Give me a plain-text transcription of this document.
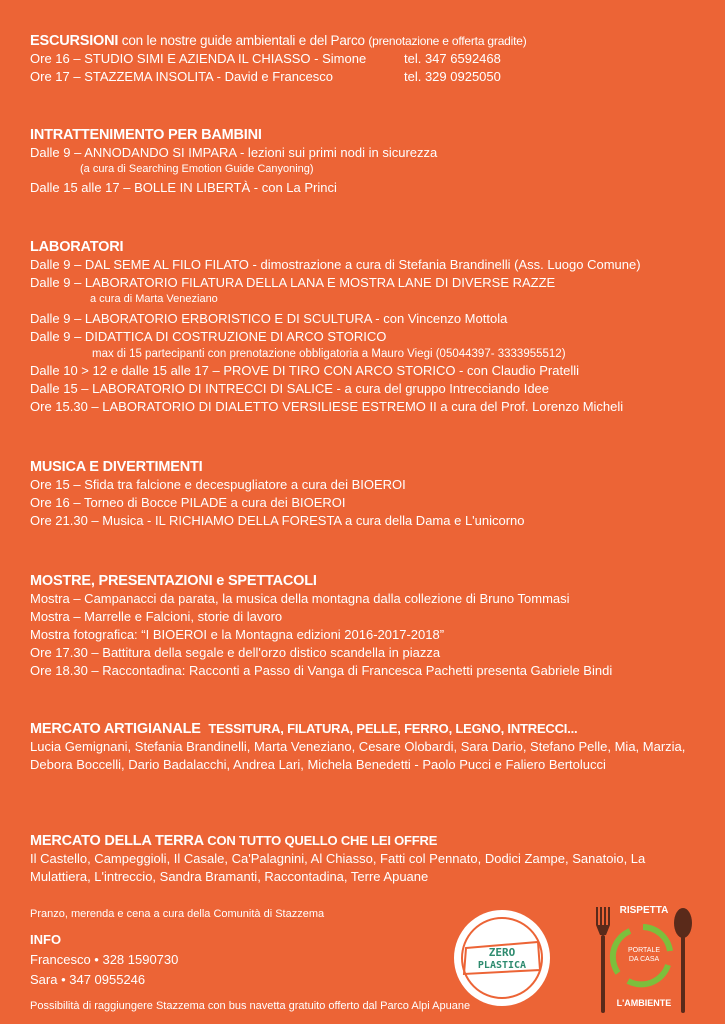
ESCURSIONI con le nostre guide ambientali e del Parco (prenotazione e offerta gradite)
Ore 16 – STUDIO SIMI E AZIENDA IL CHIASSO - Simone	tel. 347 6592468
Ore 17 – STAZZEMA INSOLITA - David e Francesco	tel. 329 0925050
INTRATTENIMENTO PER BAMBINI
Dalle 9 – ANNODANDO SI IMPARA - lezioni sui primi nodi in sicurezza
(a cura di Searching Emotion Guide Canyoning)
Dalle 15 alle 17 – BOLLE IN LIBERTÀ - con La Princi
LABORATORI
Dalle 9 – DAL SEME AL FILO FILATO - dimostrazione a cura di Stefania Brandinelli (Ass. Luogo Comune)
Dalle 9 – LABORATORIO FILATURA DELLA LANA E MOSTRA LANE DI DIVERSE RAZZE
a cura di Marta Veneziano
Dalle 9 – LABORATORIO ERBORISTICO E DI SCULTURA - con Vincenzo Mottola
Dalle 9 – DIDATTICA DI COSTRUZIONE DI ARCO STORICO
max di 15 partecipanti con prenotazione obbligatoria a Mauro Viegi (05044397- 3333955512)
Dalle 10 > 12 e dalle 15 alle 17 – PROVE DI TIRO CON ARCO STORICO - con Claudio Pratelli
Dalle 15 – LABORATORIO DI INTRECCI DI SALICE - a cura del gruppo Intrecciando Idee
Ore 15.30 – LABORATORIO DI DIALETTO VERSILIESE ESTREMO II a cura del Prof. Lorenzo Micheli
MUSICA E DIVERTIMENTI
Ore 15 – Sfida tra falcione e decespugliatore a cura dei BIOEROI
Ore 16 – Torneo di Bocce PILADE a cura dei BIOEROI
Ore 21.30 – Musica - IL RICHIAMO DELLA FORESTA a cura della Dama e L'unicorno
MOSTRE, PRESENTAZIONI e SPETTACOLI
Mostra – Campanacci da parata, la musica della montagna dalla collezione di Bruno Tommasi
Mostra – Marrelle e Falcioni, storie di lavoro
Mostra fotografica: “I BIOEROI e la Montagna edizioni 2016-2017-2018”
Ore 17.30 – Battitura della segale e dell'orzo distico scandella in piazza
Ore 18.30 – Raccontadina: Racconti a Passo di Vanga di Francesca Pachetti presenta Gabriele Bindi
MERCATO ARTIGIANALE TESSITURA, FILATURA, PELLE, FERRO, LEGNO, INTRECCI...
Lucia Gemignani, Stefania Brandinelli, Marta Veneziano, Cesare Olobardi, Sara Dario, Stefano Pelle, Mia, Marzia, Debora Boccelli, Dario Badalacchi, Andrea Lari, Michela Benedetti - Paolo Pucci e Faliero Bertolucci
MERCATO DELLA TERRA CON TUTTO QUELLO CHE LEI OFFRE
Il Castello, Campeggioli, Il Casale, Ca'Palagnini, Al Chiasso, Fatti col Pennato, Dodici Zampe, Sanatoio, La Mulattiera, L'intreccio, Sandra Bramanti, Raccontadina, Terre Apuane
Pranzo, merenda e cena a cura della Comunità di Stazzema
INFO
Francesco • 328 1590730
Sara • 347 0955246
Possibilità di raggiungere Stazzema con bus navetta gratuito offerto dal Parco Alpi Apuane
ZERO
PLASTICA
RISPETTA
PORTALE
DA CASA
L'AMBIENTE
